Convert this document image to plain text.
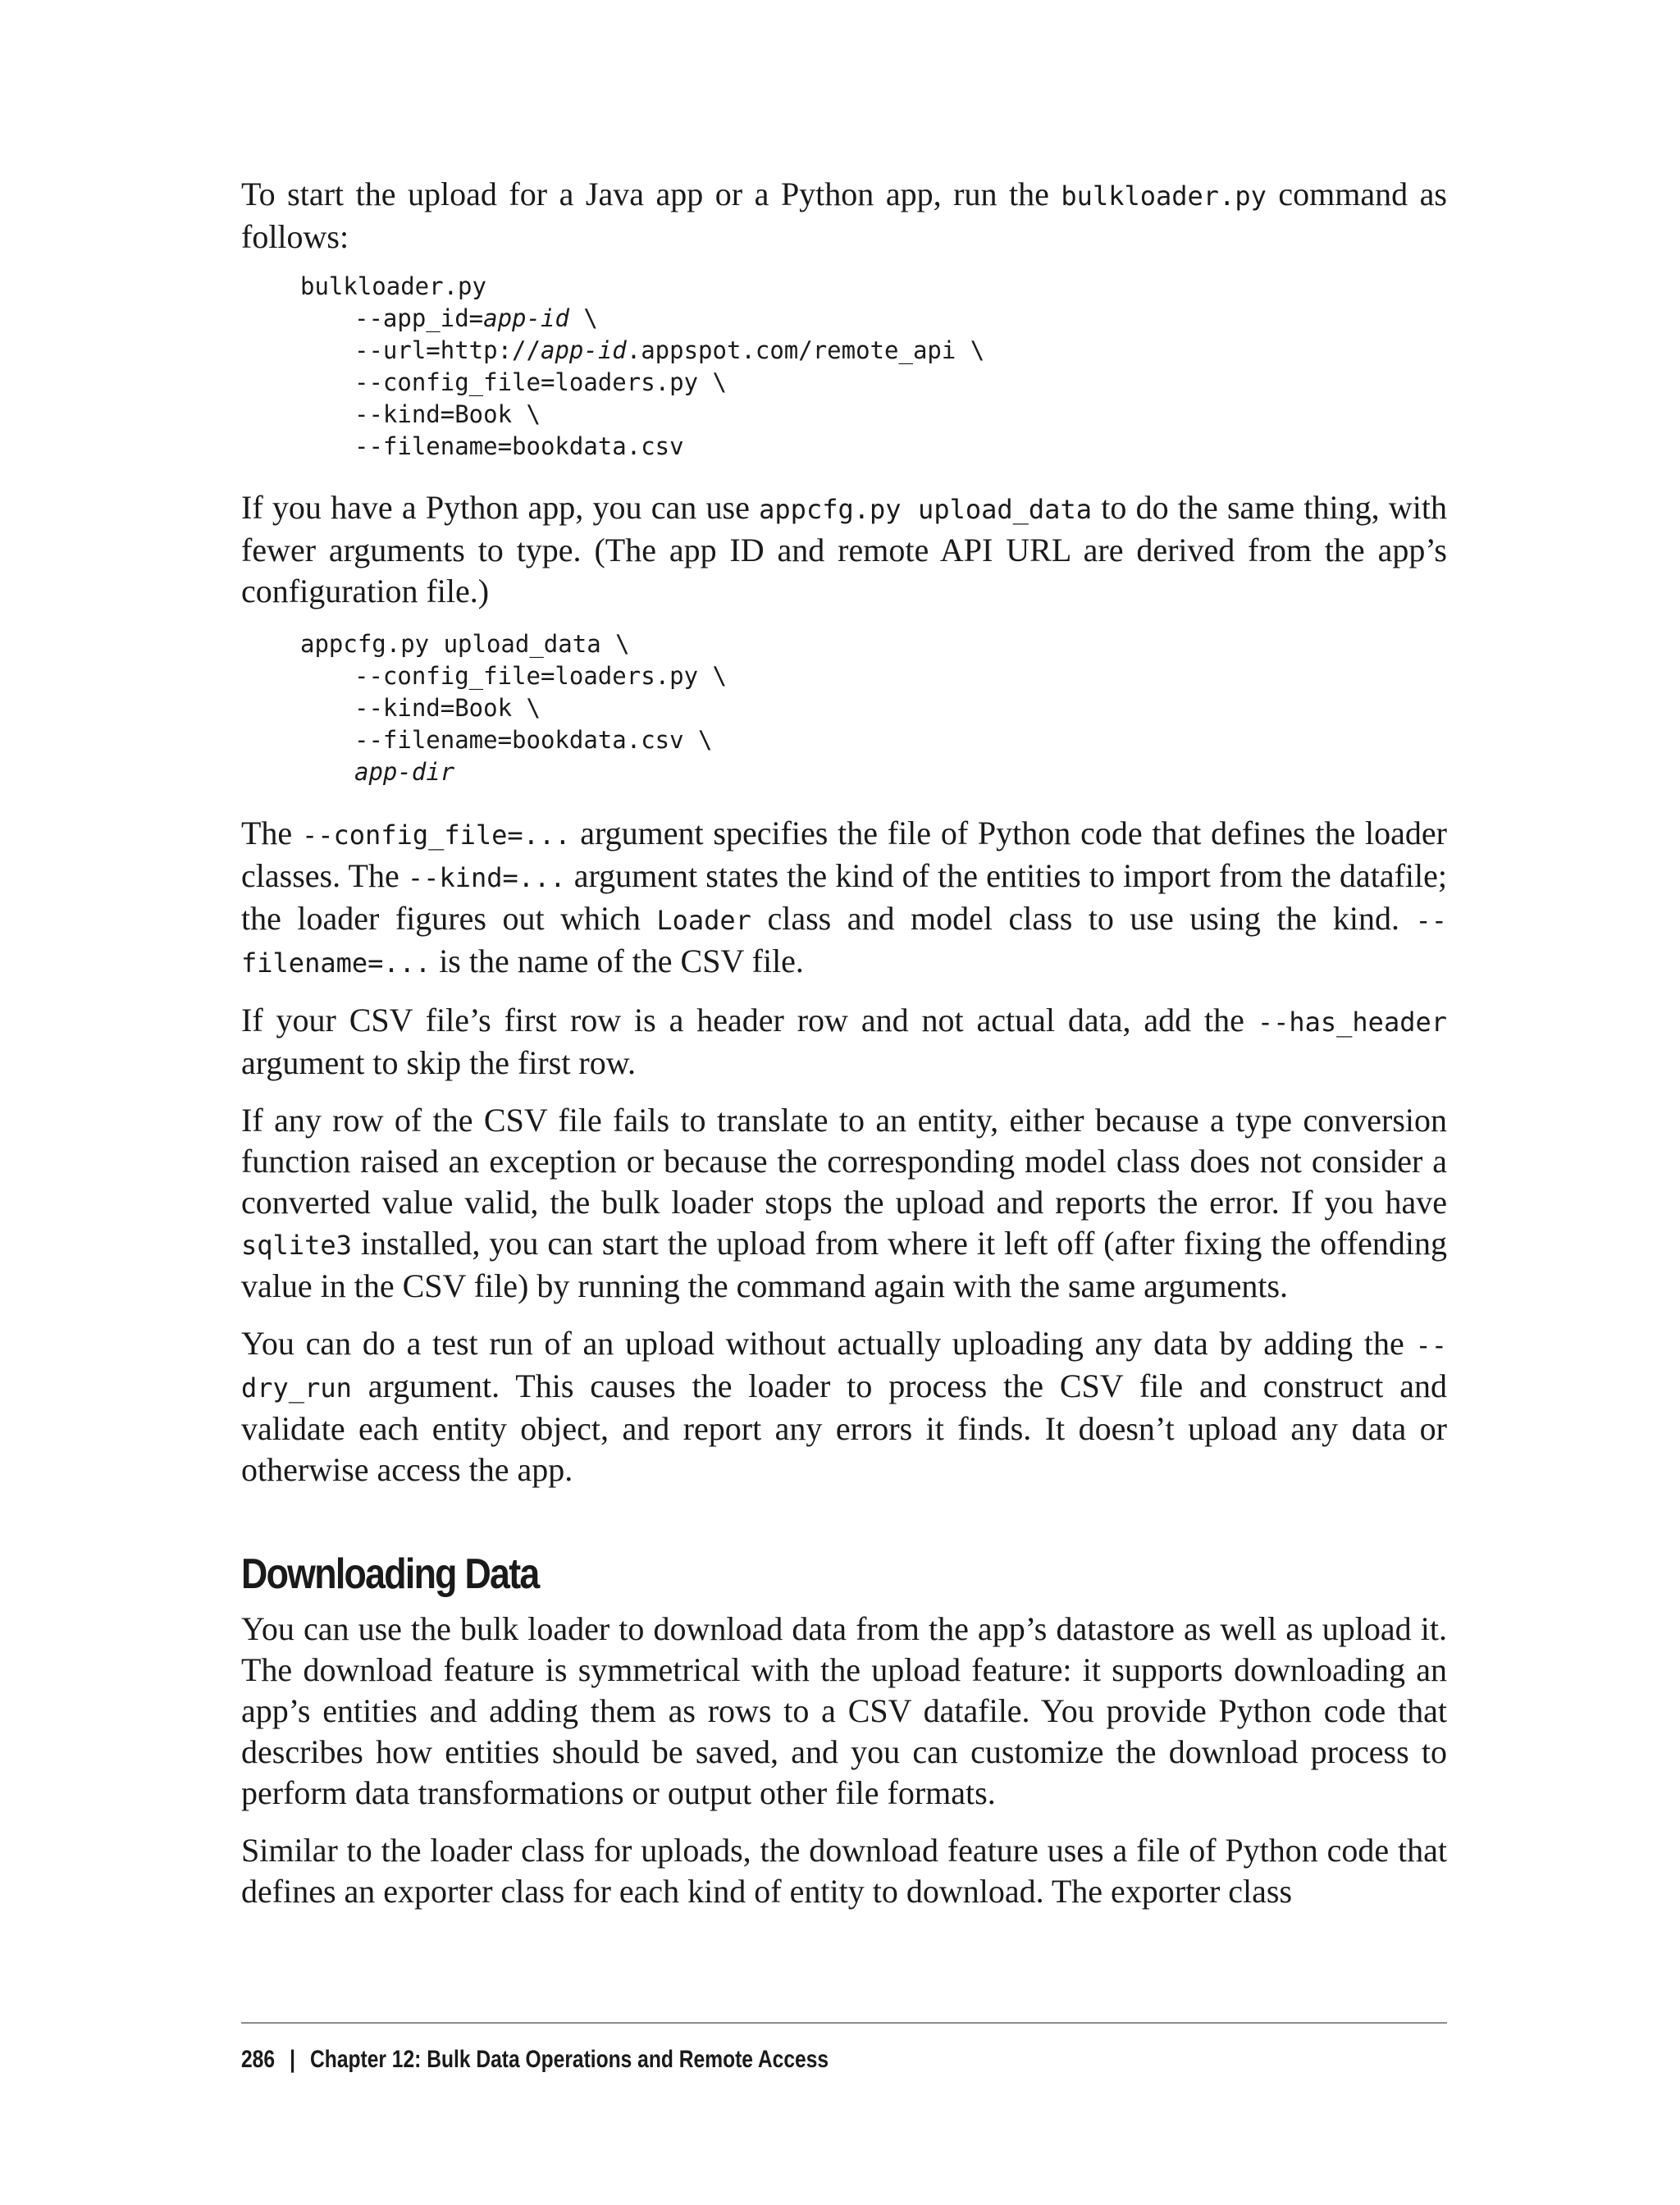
To start the upload for a Java app or a Python app, run the bulkloader.py command as follows:

bulkloader.py
--app_id=app-id \
--url=http://app-id.appspot.com/remote_api \
--config_file=loaders.py \
--kind=Book \
--filename=bookdata.csv

If you have a Python app, you can use appcfg.py upload_data to do the same thing, with fewer arguments to type. (The app ID and remote API URL are derived from the app’s configuration file.)

appcfg.py upload_data \
--config_file=loaders.py \
--kind=Book \
--filename=bookdata.csv \
app-dir

The --config_file=... argument specifies the file of Python code that defines the loader classes. The --kind=... argument states the kind of the entities to import from the datafile; the loader figures out which Loader class and model class to use using the kind. --filename=... is the name of the CSV file.

If your CSV file’s first row is a header row and not actual data, add the --has_header argument to skip the first row.

If any row of the CSV file fails to translate to an entity, either because a type conversion function raised an exception or because the corresponding model class does not consider a converted value valid, the bulk loader stops the upload and reports the error. If you have sqlite3 installed, you can start the upload from where it left off (after fixing the offending value in the CSV file) by running the command again with the same arguments.

You can do a test run of an upload without actually uploading any data by adding the --dry_run argument. This causes the loader to process the CSV file and construct and validate each entity object, and report any errors it finds. It doesn’t upload any data or otherwise access the app.

Downloading Data

You can use the bulk loader to download data from the app’s datastore as well as upload it. The download feature is symmetrical with the upload feature: it supports downloading an app’s entities and adding them as rows to a CSV datafile. You provide Python code that describes how entities should be saved, and you can customize the download process to perform data transformations or output other file formats.

Similar to the loader class for uploads, the download feature uses a file of Python code that defines an exporter class for each kind of entity to download. The exporter class

286 | Chapter 12: Bulk Data Operations and Remote Access
